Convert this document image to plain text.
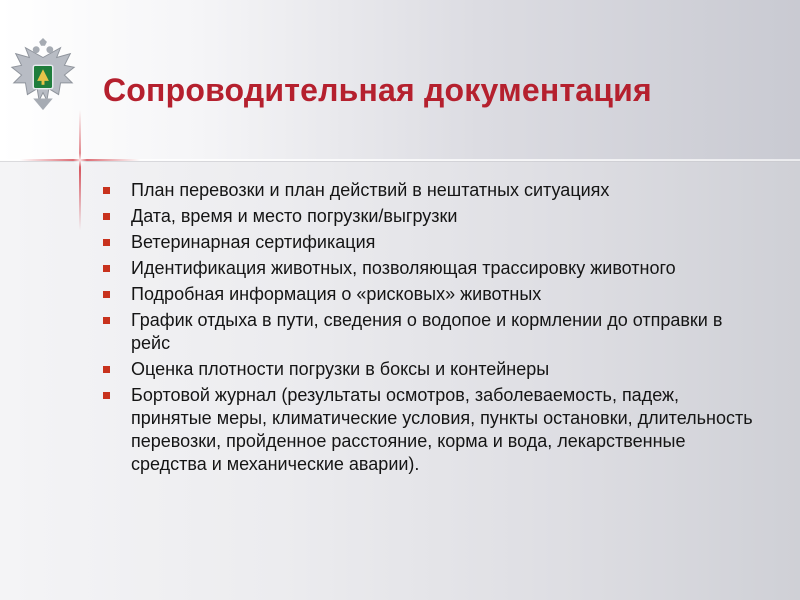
Сопроводительная документация
План перевозки и план действий в нештатных ситуациях
Дата, время и место погрузки/выгрузки
Ветеринарная сертификация
Идентификация животных, позволяющая трассировку животного
Подробная информация о «рисковых» животных
График отдыха в пути, сведения о водопое и кормлении до отправки в рейс
Оценка плотности погрузки в боксы и контейнеры
Бортовой журнал (результаты осмотров, заболеваемость, падеж, принятые меры, климатические условия, пункты остановки, длительность перевозки, пройденное расстояние, корма и вода, лекарственные средства и механические аварии).
